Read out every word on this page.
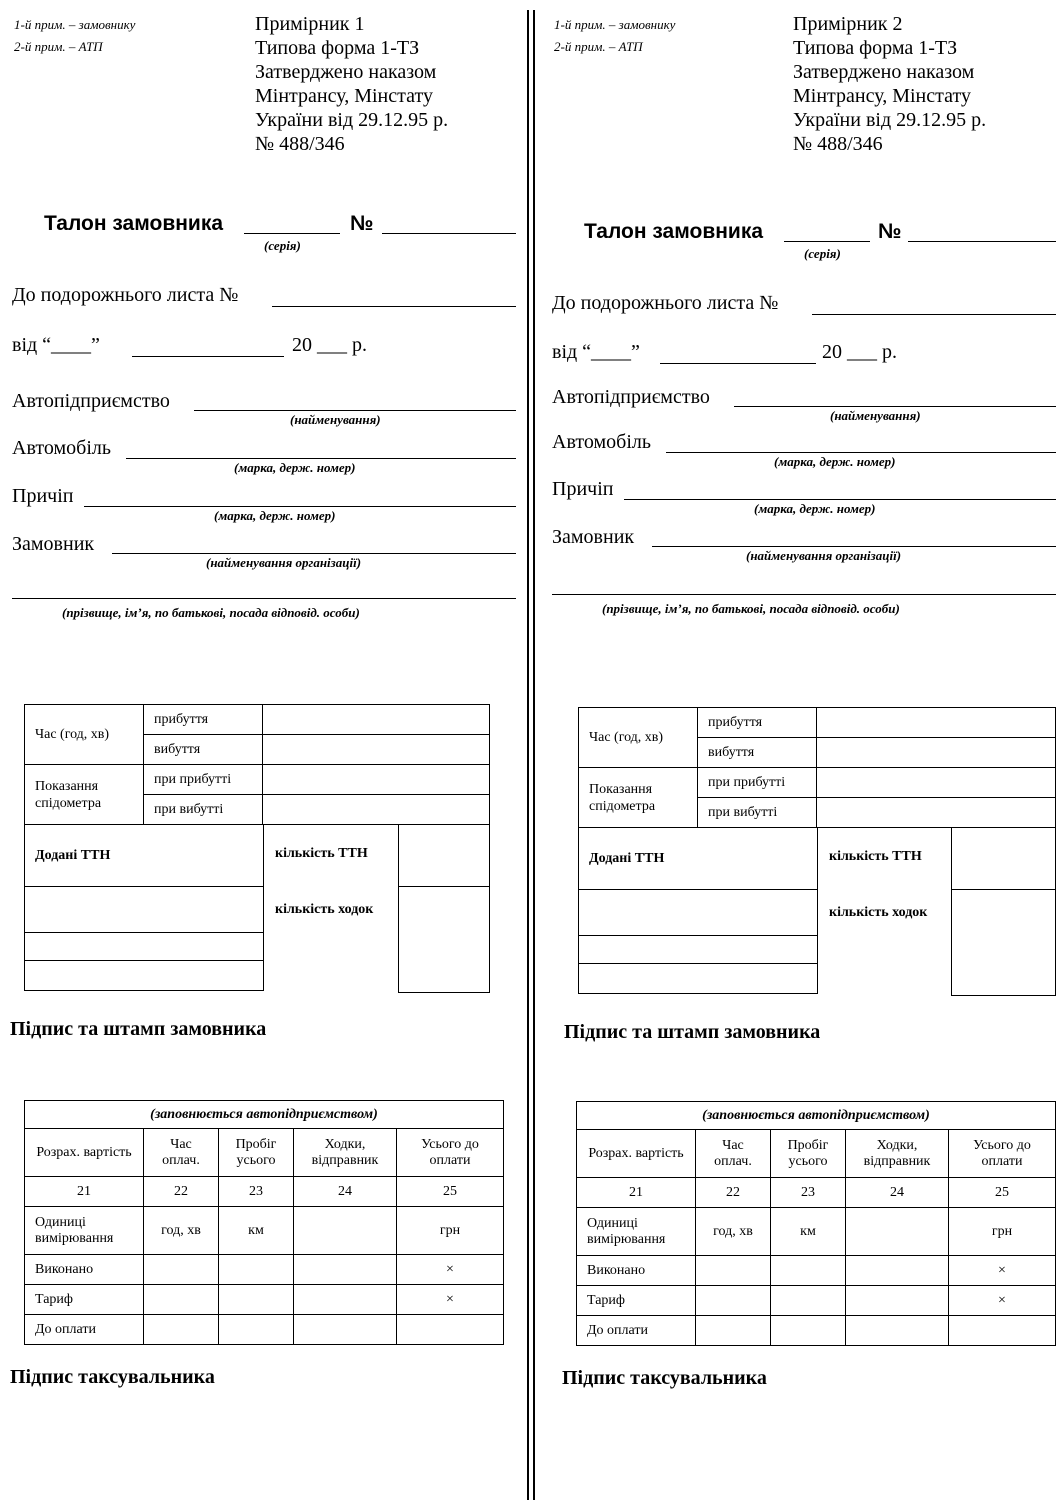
1-й прим. – замовнику
2-й прим. – АТП
Примірник 1
Типова форма 1-ТЗ
Затверджено наказом
Мінтрансу, Мінстату
України від 29.12.95 р.
№ 488/346
Талон замовника	№
(серія)
До подорожнього листа №
від “____”	20 ___ р.
Автопідприємство
(найменування)
Автомобіль
(марка, держ. номер)
Причіп
(марка, держ. номер)
Замовник
(найменування організації)
(прізвище, ім’я, по батькові, посада відповід. особи)
Час (год, хв)	прибуття	
	вибуття	
Показання спідометра	при прибутті	
	при вибутті	
Додані ТТН	кількість ТТН
кількість ходок

Підпис та штамп замовника
(заповнюється автопідприємством)				
Розрах. вартість	Час оплач.	Пробіг усього	Ходки, відправник	Усього до оплати
21	22	23	24	25
Одиниці вимірювання	год, хв	км		грн
Виконано				×
Тариф				×
До оплати				
Підпис таксувальника
1-й прим. – замовнику
2-й прим. – АТП
Примірник 2
Типова форма 1-ТЗ
Затверджено наказом
Мінтрансу, Мінстату
України від 29.12.95 р.
№ 488/346
Талон замовника	№
(серія)
До подорожнього листа №
від “____”	20 ___ р.
Автопідприємство
(найменування)
Автомобіль
(марка, держ. номер)
Причіп
(марка, держ. номер)
Замовник
(найменування організації)
(прізвище, ім’я, по батькові, посада відповід. особи)
Час (год, хв)	прибуття	
	вибуття	
Показання спідометра	при прибутті	
	при вибутті	
Додані ТТН	кількість ТТН
кількість ходок

Підпис та штамп замовника
(заповнюється автопідприємством)				
Розрах. вартість	Час оплач.	Пробіг усього	Ходки, відправник	Усього до оплати
21	22	23	24	25
Одиниці вимірювання	год, хв	км		грн
Виконано				×
Тариф				×
До оплати				
Підпис таксувальника
